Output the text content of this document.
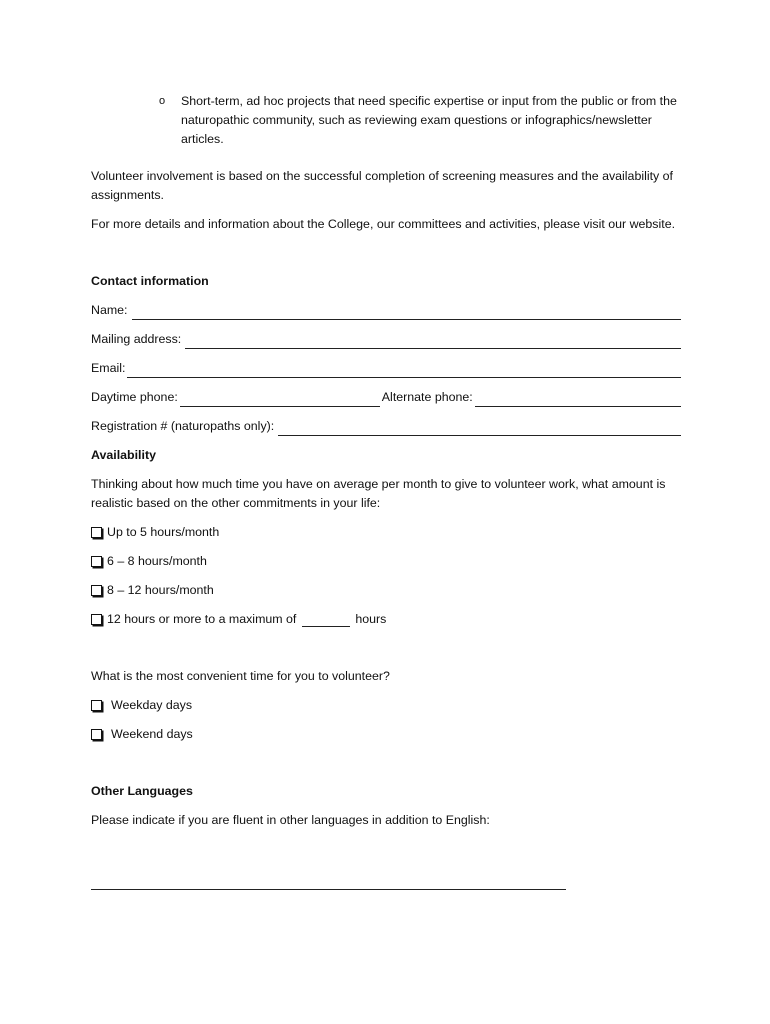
o Short-term, ad hoc projects that need specific expertise or input from the public or from the naturopathic community, such as reviewing exam questions or infographics/newsletter articles.

Volunteer involvement is based on the successful completion of screening measures and the availability of assignments.

For more details and information about the College, our committees and activities, please visit our website.

Contact information
Name:
Mailing address:
Email:
Daytime phone:	Alternate phone:
Registration # (naturopaths only):
Availability

Thinking about how much time you have on average per month to give to volunteer work, what amount is realistic based on the other commitments in your life:

Up to 5 hours/month
6 – 8 hours/month
8 – 12 hours/month
12 hours or more to a maximum of	hours

What is the most convenient time for you to volunteer?

Weekday days
Weekend days
Other Languages

Please indicate if you are fluent in other languages in addition to English:
